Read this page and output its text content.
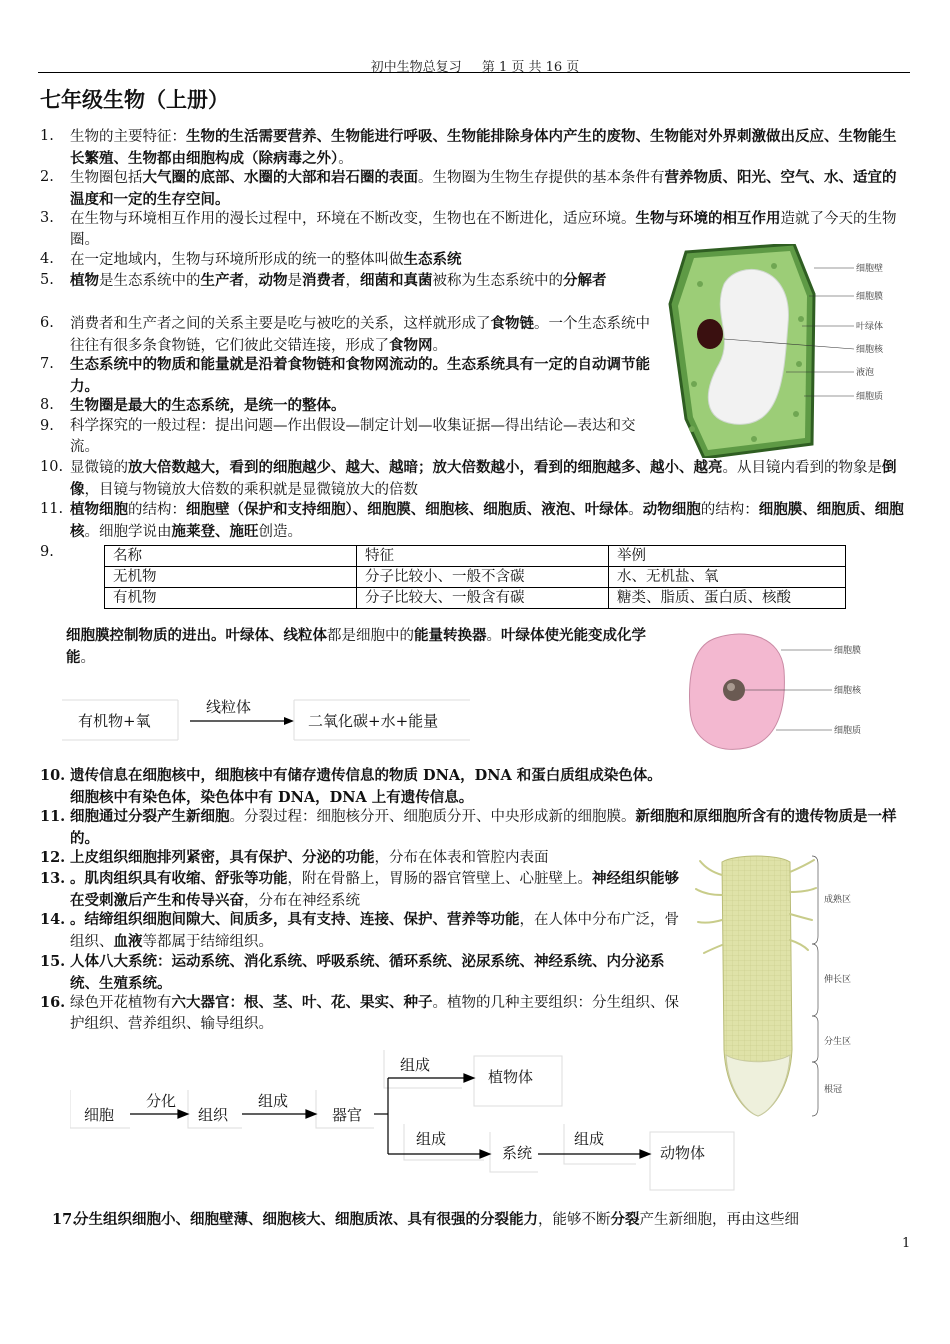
初中生物总复习 第 1 页 共 16 页
七年级生物（上册）
1. 生物的主要特征：生物的生活需要营养、生物能进行呼吸、生物能排除身体内产生的废物、生物能对外界刺激做出反应、生物能生长繁殖、生物都由细胞构成（除病毒之外）。
2. 生物圈包括大气圈的底部、水圈的大部和岩石圈的表面。生物圈为生物生存提供的基本条件有营养物质、阳光、空气、水、适宜的温度和一定的生存空间。
3. 在生物与环境相互作用的漫长过程中，环境在不断改变，生物也在不断进化，适应环境。生物与环境的相互作用造就了今天的生物圈。
4. 在一定地域内，生物与环境所形成的统一的整体叫做生态系统
5. 植物是生态系统中的生产者，动物是消费者，细菌和真菌被称为生态系统中的分解者
6. 消费者和生产者之间的关系主要是吃与被吃的关系，这样就形成了食物链。一个生态系统中往往有很多条食物链，它们彼此交错连接，形成了食物网。
7. 生态系统中的物质和能量就是沿着食物链和食物网流动的。生态系统具有一定的自动调节能力。
8. 生物圈是最大的生态系统，是统一的整体。
9. 科学探究的一般过程：提出问题—作出假设—制定计划—收集证据—得出结论—表达和交流。
10. 显微镜的放大倍数越大，看到的细胞越少、越大、越暗；放大倍数越小，看到的细胞越多、越小、越亮。从目镜内看到的物象是倒像，目镜与物镜放大倍数的乘积就是显微镜放大的倍数
11. 植物细胞的结构：细胞壁（保护和支持细胞）、细胞膜、细胞核、细胞质、液泡、叶绿体。动物细胞的结构：细胞膜、细胞质、细胞核。细胞学说由施莱登、施旺创造。
细胞壁
细胞膜
叶绿体
细胞核
液泡
细胞质
9.	名称	特征	举例
无机物	分子比较小、一般不含碳	水、无机盐、氧
有机物	分子比较大、一般含有碳	糖类、脂质、蛋白质、核酸
细胞膜控制物质的进出。叶绿体、线粒体都是细胞中的能量转换器。叶绿体使光能变成化学能。
有机物+氧
线粒体
二氧化碳+水+能量
细胞膜
细胞核
细胞质
10. 遗传信息在细胞核中，细胞核中有储存遗传信息的物质 DNA，DNA 和蛋白质组成染色体。细胞核中有染色体，染色体中有 DNA，DNA 上有遗传信息。
11. 细胞通过分裂产生新细胞。分裂过程：细胞核分开、细胞质分开、中央形成新的细胞膜。新细胞和原细胞所含有的遗传物质是一样的。
12. 上皮组织细胞排列紧密，具有保护、分泌的功能，分布在体表和管腔内表面
13. 。肌肉组织具有收缩、舒张等功能，附在骨骼上，胃肠的器官管壁上、心脏壁上。神经组织能够在受刺激后产生和传导兴奋，分布在神经系统
14. 。结缔组织细胞间隙大、间质多，具有支持、连接、保护、营养等功能，在人体中分布广泛，骨组织、血液等都属于结缔组织。
15. 人体八大系统：运动系统、消化系统、呼吸系统、循环系统、泌尿系统、神经系统、内分泌系统、生殖系统。
16. 绿色开花植物有六大器官：根、茎、叶、花、果实、种子。植物的几种主要组织：分生组织、保护组织、营养组织、输导组织。
成熟区
伸长区
分生区
根冠
细胞
分化
组织
组成
器官
组成
植物体
组成
系统
组成
动物体
17.
分生组织细胞小、细胞壁薄、细胞核大、细胞质浓、具有很强的分裂能力，能够不断分裂产生新细胞，再由这些细
1
